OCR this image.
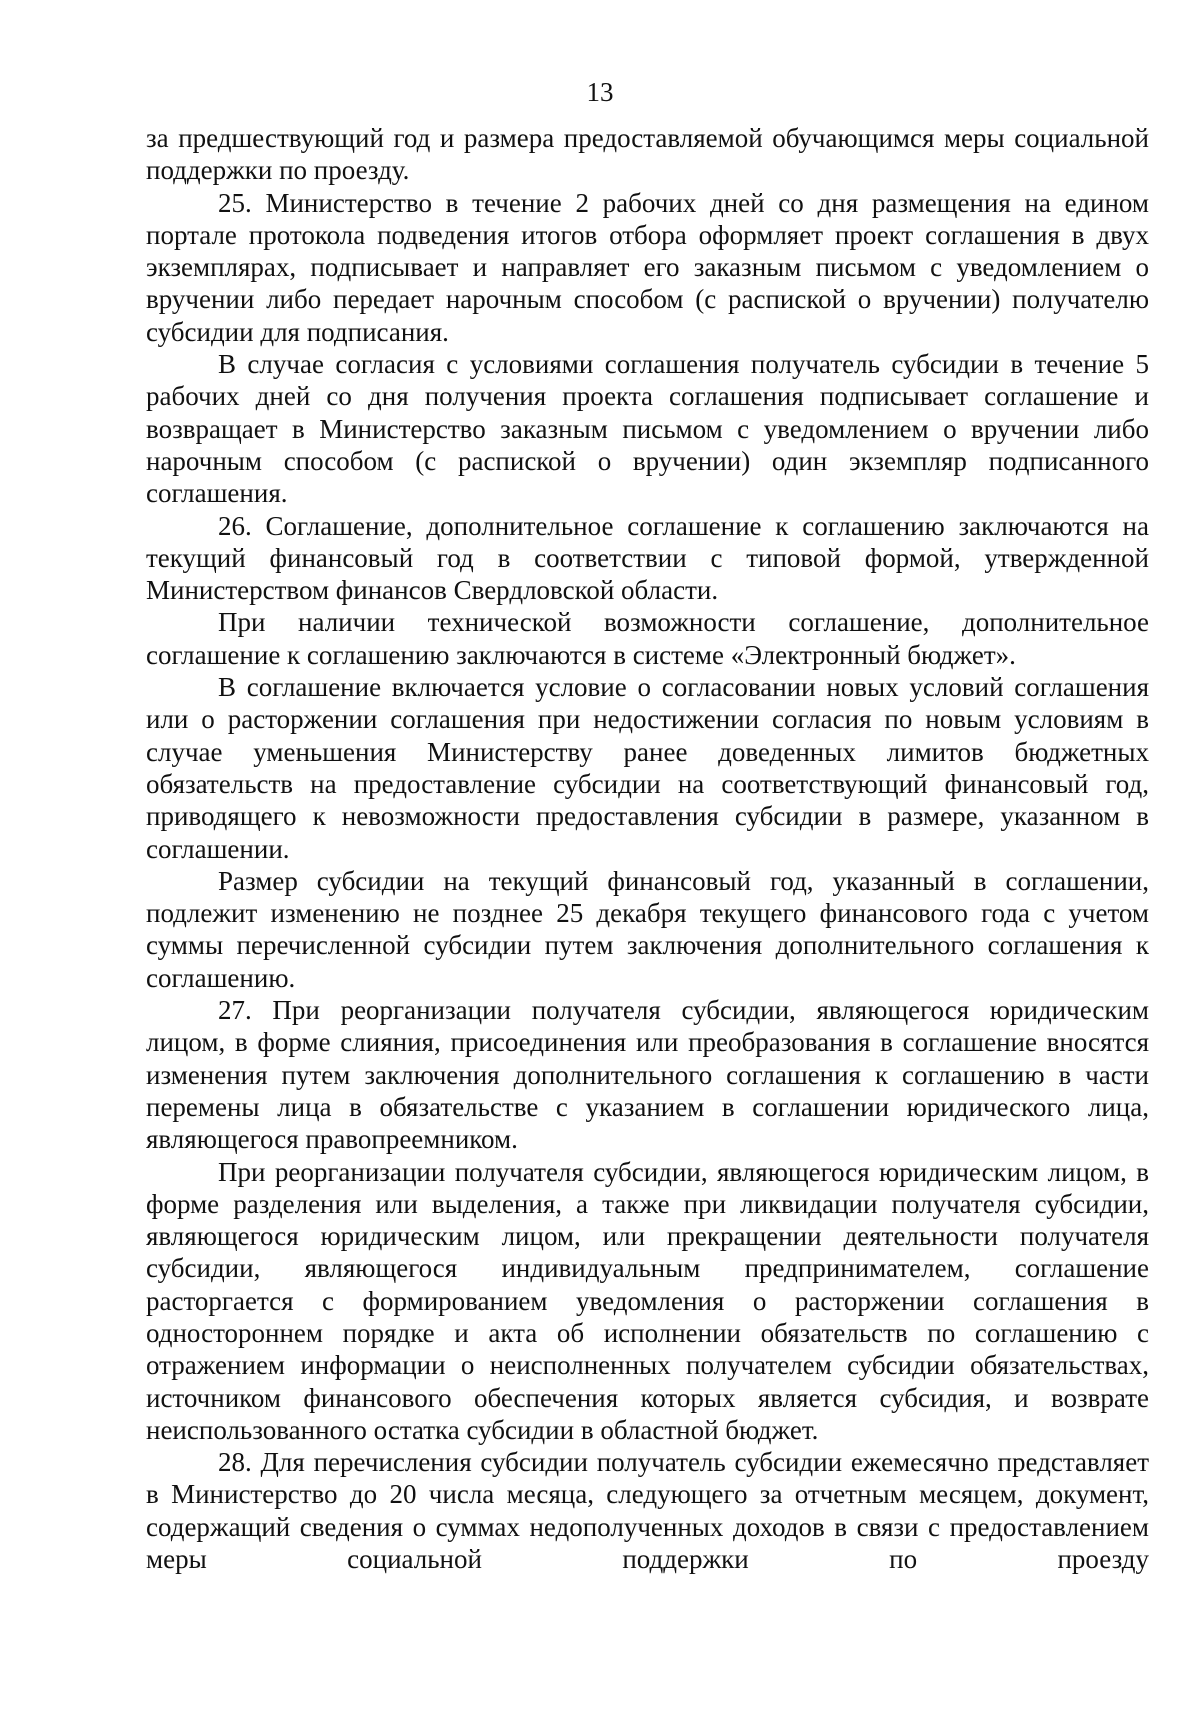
13

за предшествующий год и размера предоставляемой обучающимся меры социальной поддержки по проезду.

25. Министерство в течение 2 рабочих дней со дня размещения на едином портале протокола подведения итогов отбора оформляет проект соглашения в двух экземплярах, подписывает и направляет его заказным письмом с уведомлением о вручении либо передает нарочным способом (с распиской о вручении) получателю субсидии для подписания.

В случае согласия с условиями соглашения получатель субсидии в течение 5 рабочих дней со дня получения проекта соглашения подписывает соглашение и возвращает в Министерство заказным письмом с уведомлением о вручении либо нарочным способом (с распиской о вручении) один экземпляр подписанного соглашения.

26. Соглашение, дополнительное соглашение к соглашению заключаются на текущий финансовый год в соответствии с типовой формой, утвержденной Министерством финансов Свердловской области.

При наличии технической возможности соглашение, дополнительное соглашение к соглашению заключаются в системе «Электронный бюджет».

В соглашение включается условие о согласовании новых условий соглашения или о расторжении соглашения при недостижении согласия по новым условиям в случае уменьшения Министерству ранее доведенных лимитов бюджетных обязательств на предоставление субсидии на соответствующий финансовый год, приводящего к невозможности предоставления субсидии в размере, указанном в соглашении.

Размер субсидии на текущий финансовый год, указанный в соглашении, подлежит изменению не позднее 25 декабря текущего финансового года с учетом суммы перечисленной субсидии путем заключения дополнительного соглашения к соглашению.

27. При реорганизации получателя субсидии, являющегося юридическим лицом, в форме слияния, присоединения или преобразования в соглашение вносятся изменения путем заключения дополнительного соглашения к соглашению в части перемены лица в обязательстве с указанием в соглашении юридического лица, являющегося правопреемником.

При реорганизации получателя субсидии, являющегося юридическим лицом, в форме разделения или выделения, а также при ликвидации получателя субсидии, являющегося юридическим лицом, или прекращении деятельности получателя субсидии, являющегося индивидуальным предпринимателем, соглашение расторгается с формированием уведомления о расторжении соглашения в одностороннем порядке и акта об исполнении обязательств по соглашению с отражением информации о неисполненных получателем субсидии обязательствах, источником финансового обеспечения которых является субсидия, и возврате неиспользованного остатка субсидии в областной бюджет.

28. Для перечисления субсидии получатель субсидии ежемесячно представляет в Министерство до 20 числа месяца, следующего за отчетным месяцем, документ, содержащий сведения о суммах недополученных доходов в связи с предоставлением меры социальной поддержки по проезду
